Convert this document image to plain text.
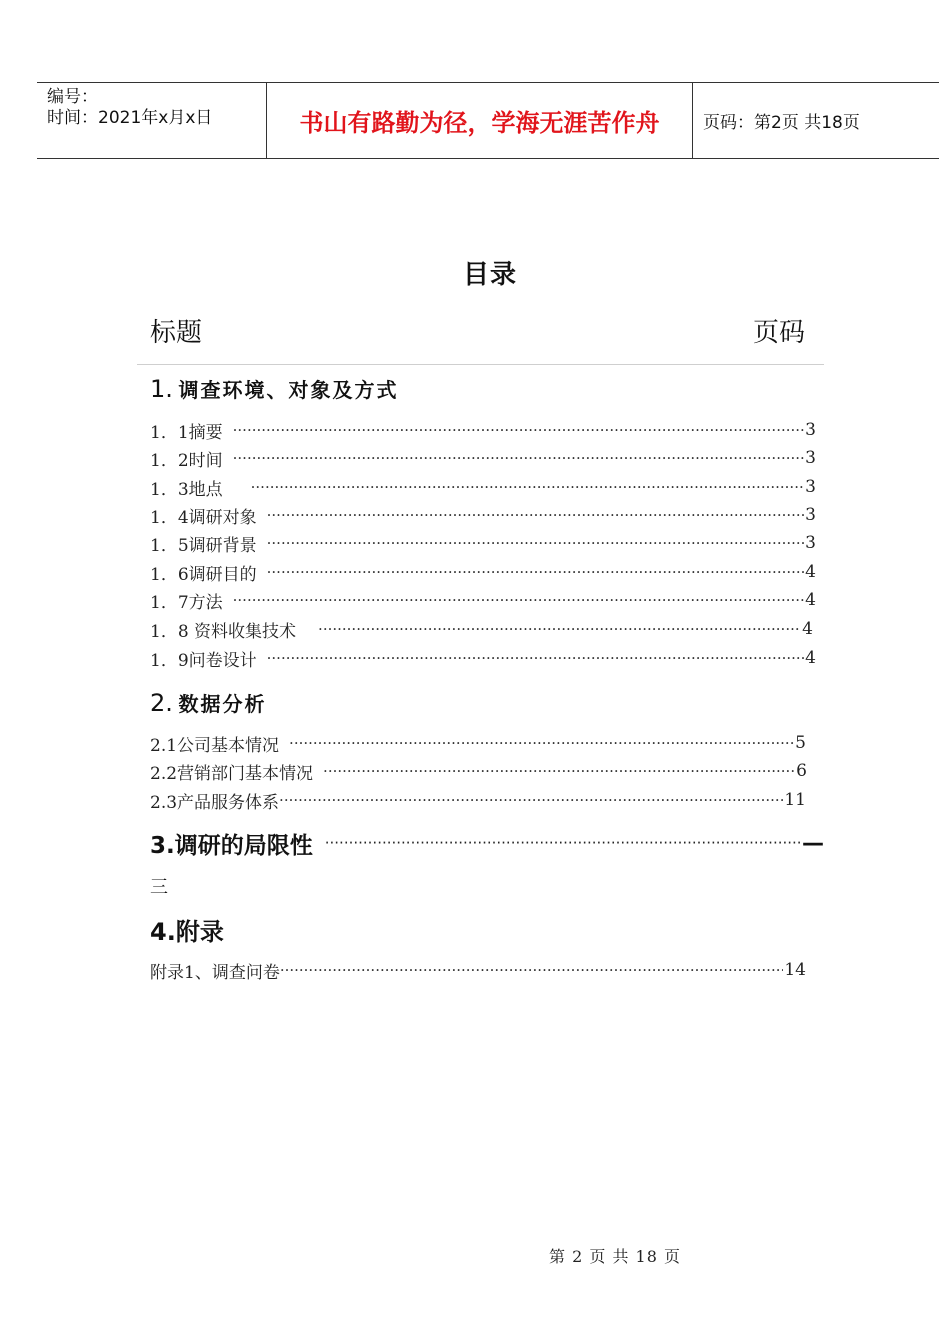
编号：
时间：2021年x月x日	书山有路勤为径，学海无涯苦作舟	页码：第2页 共18页
目录
标题	页码
1. 调查环境、对象及方式
1．1摘要 ·····	3
1．2时间 ·····	3
1．3地点 ·····	3
1．4调研对象 ·····	3
1．5调研背景 ·····	3
1．6调研目的 ·····	4
1．7方法 ·····	4
1．8 资料收集技术 ·····	4
1．9问卷设计 ·····	4
2. 数据分析
2.1公司基本情况 ·····	5
2.2营销部门基本情况 ·····	6
2.3产品服务体系 ·····	11
3.调研的局限性 ·····	—
三
4.附录
附录1、调查问卷 ·····	14
第 2 页 共 18 页
